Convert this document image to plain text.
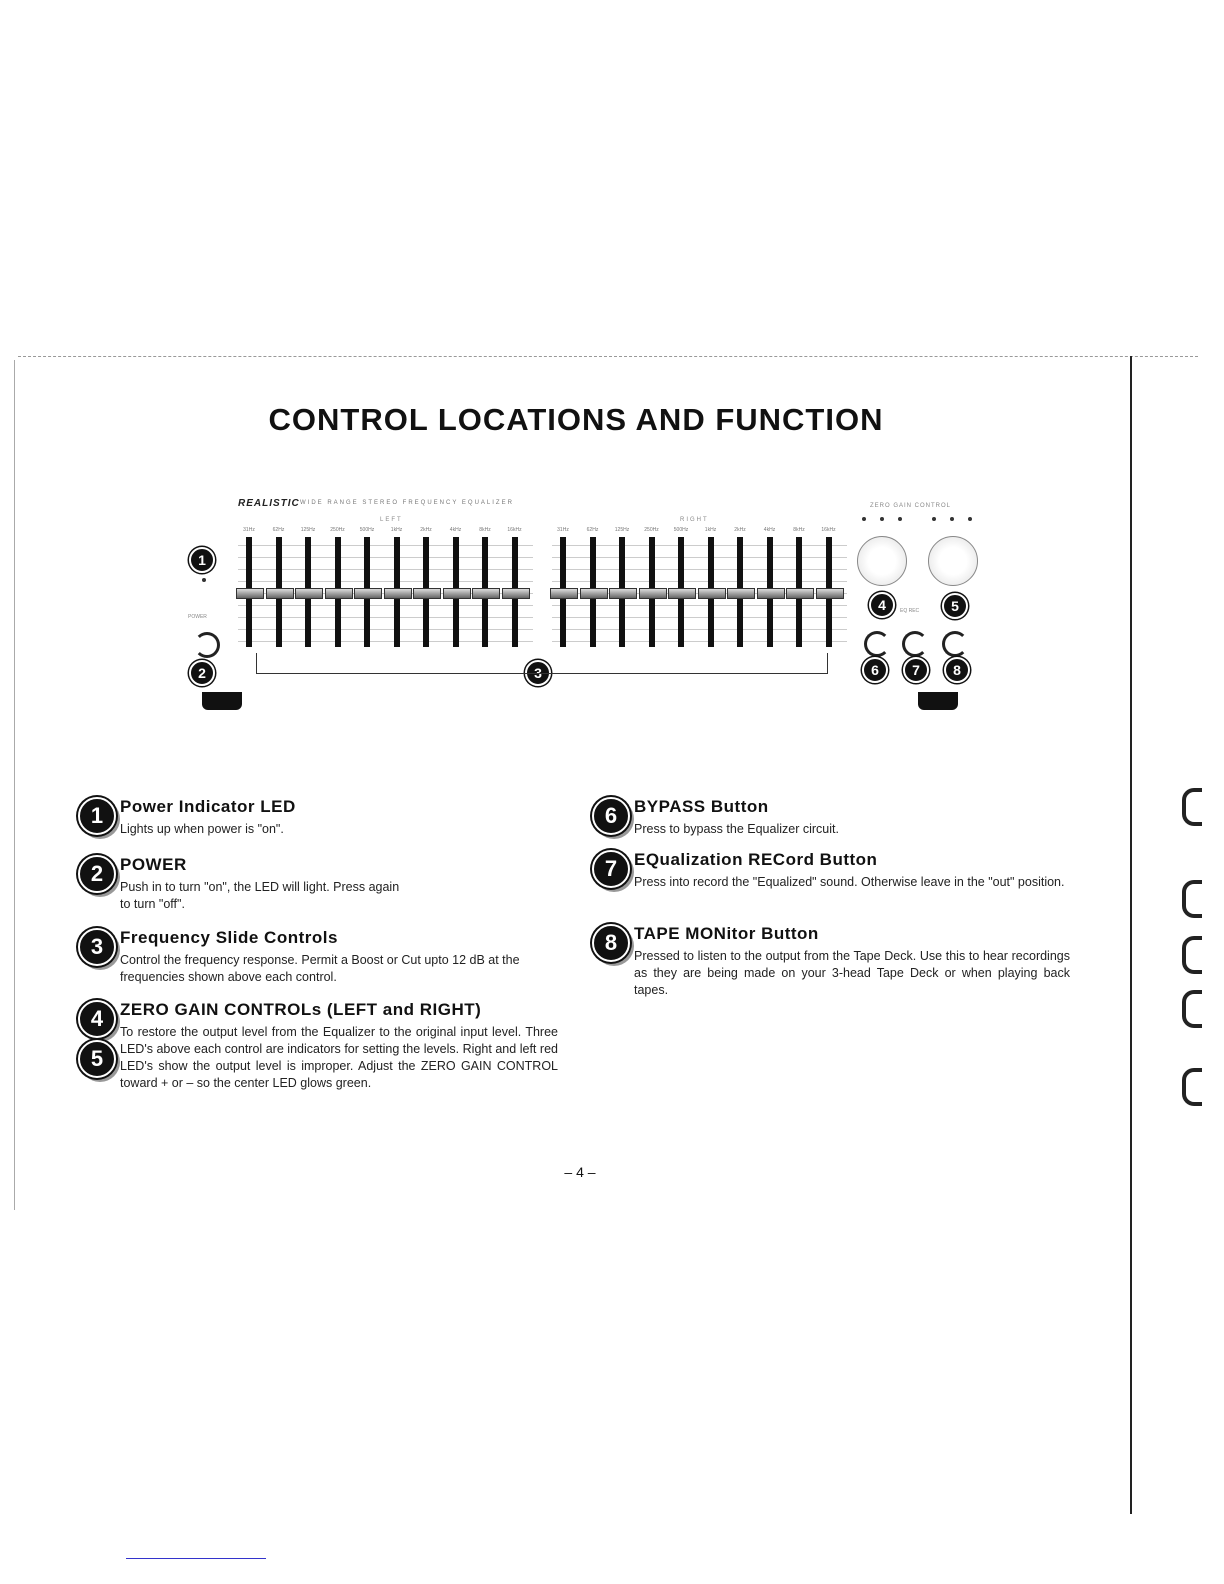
CONTROL LOCATIONS AND FUNCTION
REALISTIC WIDE RANGE STEREO FREQUENCY EQUALIZER	ZERO GAIN CONTROL
LEFT	RIGHT
POWER
EQ REC
31Hz	62Hz	125Hz	250Hz	500Hz	1kHz	2kHz	4kHz	8kHz	16kHz	31Hz	62Hz	125Hz	250Hz	500Hz	1kHz	2kHz	4kHz	8kHz	16kHz
1
2	3
4	5
6	7	8
1 Power Indicator LED
Lights up when power is "on".
2 POWER
Push in to turn "on", the LED will light. Press again to turn "off".
3 Frequency Slide Controls
Control the frequency response. Permit a Boost or Cut upto 12 dB at the frequencies shown above each control.
4 ZERO GAIN CONTROLs (LEFT and RIGHT)
To restore the output level from the Equalizer to the original input level. Three LED's above each control are indicators for setting the levels. Right and left red LED's show the output level is improper. Adjust the ZERO GAIN CONTROL toward + or – so the center LED glows green.
5
6 BYPASS Button
Press to bypass the Equalizer circuit.
7 EQualization RECord Button
Press into record the "Equalized" sound. Otherwise leave in the "out" position.
8 TAPE MONitor Button
Pressed to listen to the output from the Tape Deck. Use this to hear recordings as they are being made on your 3-head Tape Deck or when playing back tapes.
– 4 –
